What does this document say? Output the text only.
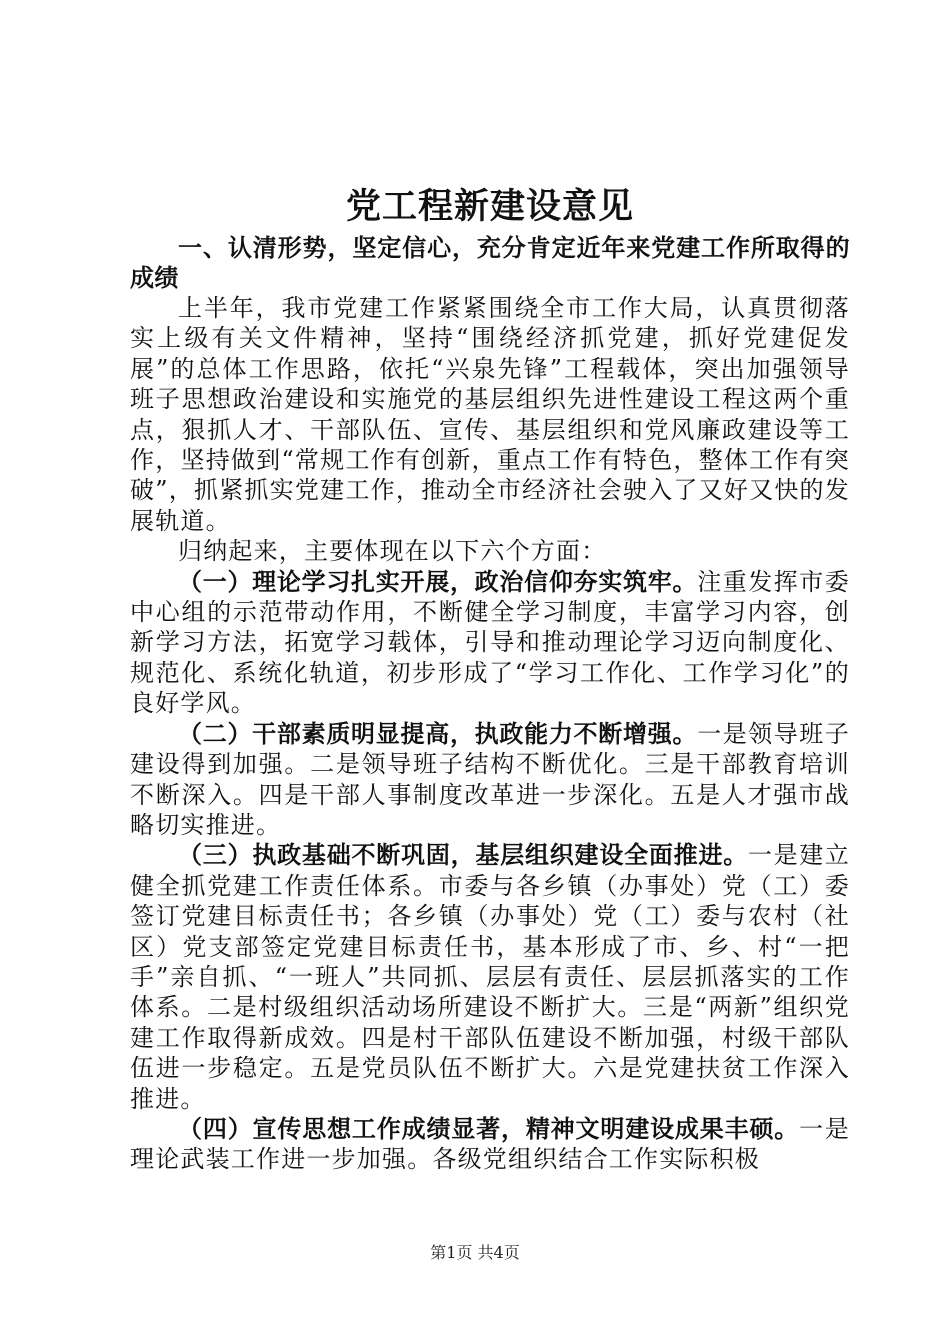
党工程新建设意见

一、认清形势，坚定信心，充分肯定近年来党建工作所取得的成绩

上半年，我市党建工作紧紧围绕全市工作大局，认真贯彻落实上级有关文件精神，坚持“围绕经济抓党建，抓好党建促发展”的总体工作思路，依托“兴泉先锋”工程载体，突出加强领导班子思想政治建设和实施党的基层组织先进性建设工程这两个重点，狠抓人才、干部队伍、宣传、基层组织和党风廉政建设等工作，坚持做到“常规工作有创新，重点工作有特色，整体工作有突破”，抓紧抓实党建工作，推动全市经济社会驶入了又好又快的发展轨道。

归纳起来，主要体现在以下六个方面：

（一）理论学习扎实开展，政治信仰夯实筑牢。注重发挥市委中心组的示范带动作用，不断健全学习制度，丰富学习内容，创新学习方法，拓宽学习载体，引导和推动理论学习迈向制度化、规范化、系统化轨道，初步形成了“学习工作化、工作学习化”的良好学风。

（二）干部素质明显提高，执政能力不断增强。一是领导班子建设得到加强。二是领导班子结构不断优化。三是干部教育培训不断深入。四是干部人事制度改革进一步深化。五是人才强市战略切实推进。

（三）执政基础不断巩固，基层组织建设全面推进。一是建立健全抓党建工作责任体系。市委与各乡镇（办事处）党（工）委签订党建目标责任书；各乡镇（办事处）党（工）委与农村（社区）党支部签定党建目标责任书，基本形成了市、乡、村“一把手”亲自抓、“一班人”共同抓、层层有责任、层层抓落实的工作体系。二是村级组织活动场所建设不断扩大。三是“两新”组织党建工作取得新成效。四是村干部队伍建设不断加强，村级干部队伍进一步稳定。五是党员队伍不断扩大。六是党建扶贫工作深入推进。

（四）宣传思想工作成绩显著，精神文明建设成果丰硕。一是理论武装工作进一步加强。各级党组织结合工作实际积极

第1页 共4页
